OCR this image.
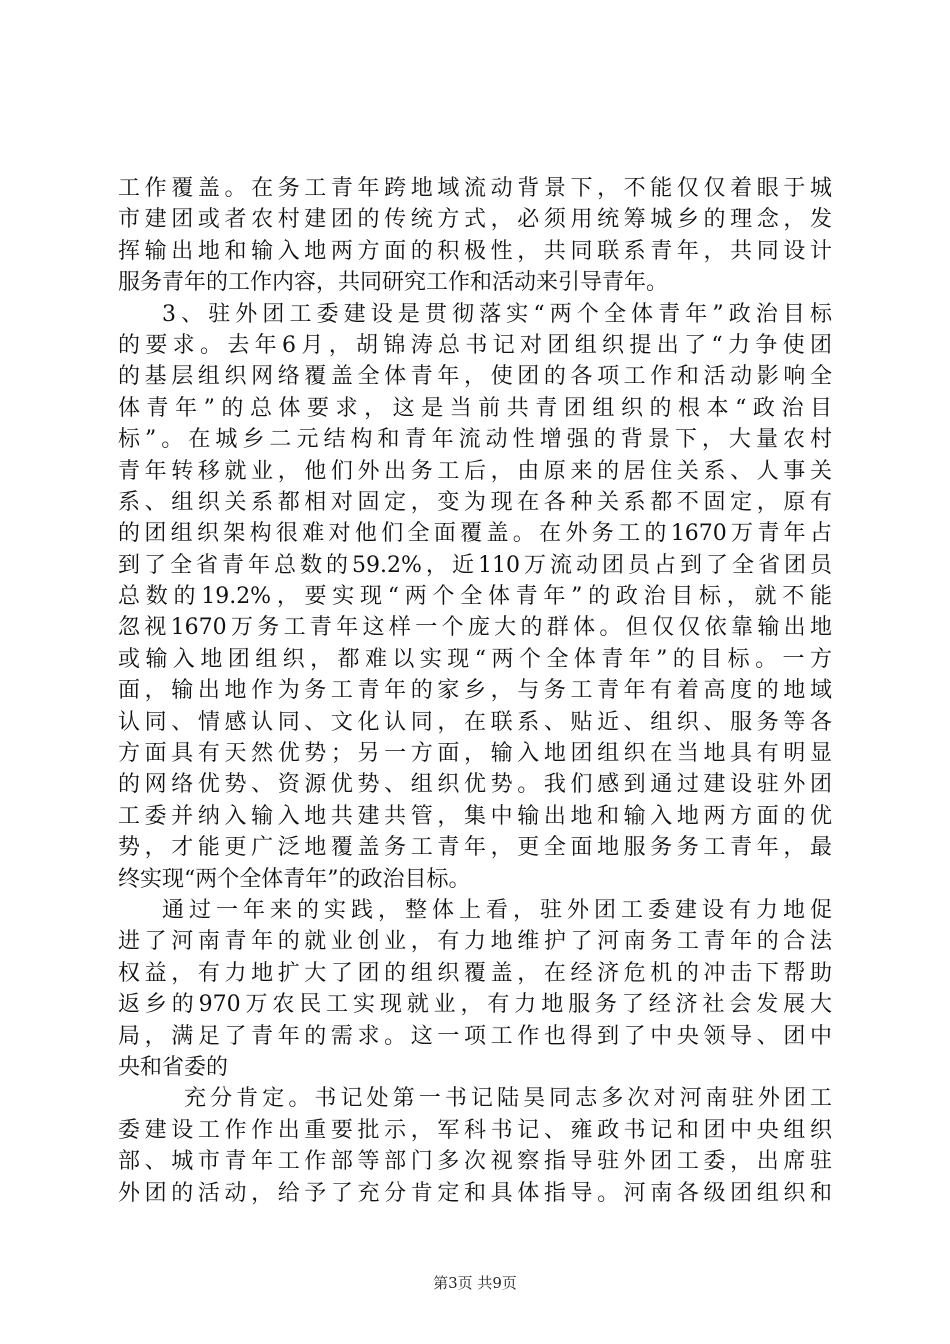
工作覆盖。在务工青年跨地域流动背景下，不能仅仅着眼于城
市建团或者农村建团的传统方式，必须用统筹城乡的理念，发
挥输出地和输入地两方面的积极性，共同联系青年，共同设计
服务青年的工作内容，共同研究工作和活动来引导青年。
3、驻外团工委建设是贯彻落实“两个全体青年”政治目标
的要求。去年6月，胡锦涛总书记对团组织提出了“力争使团
的基层组织网络覆盖全体青年，使团的各项工作和活动影响全
体青年”的总体要求，这是当前共青团组织的根本“政治目
标”。在城乡二元结构和青年流动性增强的背景下，大量农村
青年转移就业，他们外出务工后，由原来的居住关系、人事关
系、组织关系都相对固定，变为现在各种关系都不固定，原有
的团组织架构很难对他们全面覆盖。在外务工的1670万青年占
到了全省青年总数的59.2%，近110万流动团员占到了全省团员
总数的19.2%，要实现“两个全体青年”的政治目标，就不能
忽视1670万务工青年这样一个庞大的群体。但仅仅依靠输出地
或输入地团组织，都难以实现“两个全体青年”的目标。一方
面，输出地作为务工青年的家乡，与务工青年有着高度的地域
认同、情感认同、文化认同，在联系、贴近、组织、服务等各
方面具有天然优势；另一方面，输入地团组织在当地具有明显
的网络优势、资源优势、组织优势。我们感到通过建设驻外团
工委并纳入输入地共建共管，集中输出地和输入地两方面的优
势，才能更广泛地覆盖务工青年，更全面地服务务工青年，最
终实现“两个全体青年”的政治目标。
通过一年来的实践，整体上看，驻外团工委建设有力地促
进了河南青年的就业创业，有力地维护了河南务工青年的合法
权益，有力地扩大了团的组织覆盖，在经济危机的冲击下帮助
返乡的970万农民工实现就业，有力地服务了经济社会发展大
局，满足了青年的需求。这一项工作也得到了中央领导、团中
央和省委的
充分肯定。书记处第一书记陆昊同志多次对河南驻外团工
委建设工作作出重要批示，军科书记、雍政书记和团中央组织
部、城市青年工作部等部门多次视察指导驻外团工委，出席驻
外团的活动，给予了充分肯定和具体指导。河南各级团组织和
第3页 共9页
